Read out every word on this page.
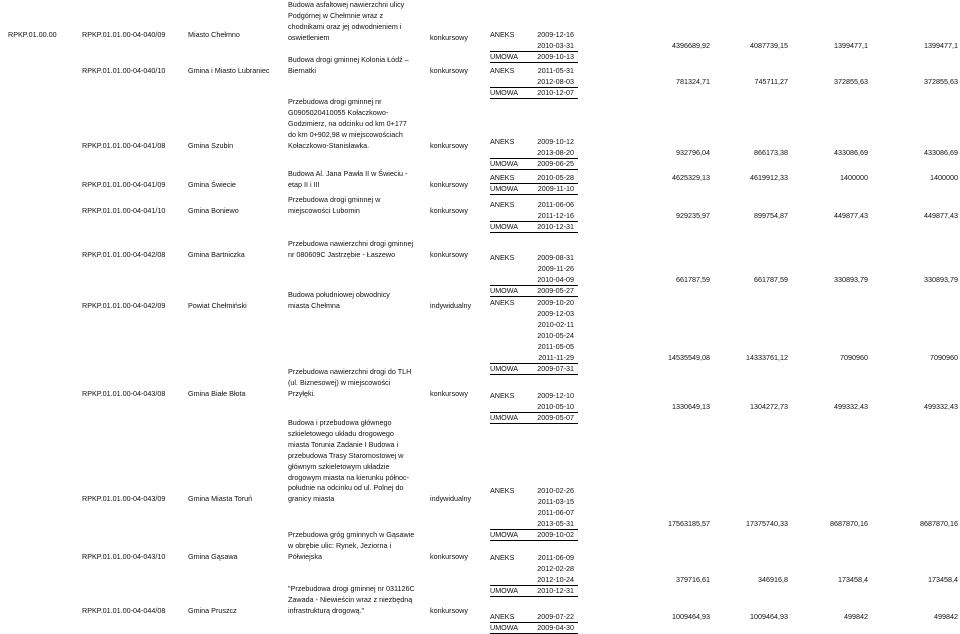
RPKP.01.00.00	RPKP.01.01.00-04-040/09	Miasto Chełmno
Budowa asfaltowej nawierzchni ulicy
Podgórnej w Chełmnie wraz z
chodnikami oraz jej odwodnieniem i
oswietleniem	konkursowy	ANEKS	2009-12-16
2010-03-31	4396689,92	4087739,15	1399477,1	1399477,1
UMOWA	2009-10-13
RPKP.01.01.00-04-040/10	Gmina i Miasto Lubraniec
Budowa drogi gminnej Kolonia Łódź –
Biernatki	konkursowy	ANEKS	2011-05-31
2012-08-03	781324,71	745711,27	372855,63	372855,63
UMOWA	2010-12-07
RPKP.01.01.00-04-041/08	Gmina Szubin
Przebudowa drogi gminnej nr
G0905020410055 Kołaczkowo-
Godzimierz, na odcinku od km 0+177
do km 0+902,98 w miejscowościach
Kołaczkowo-Stanisławka.	konkursowy	ANEKS	2009-10-12
2013-08-20	932796,04	866173,38	433086,69	433086,69
UMOWA	2009-06-25
RPKP.01.01.00-04-041/09	Gmina Świecie
Budowa Al. Jana Pawła II w Świeciu -
etap II i III	konkursowy
ANEKS	2010-05-28	4625329,13	4619912,33	1400000	1400000
UMOWA	2009-11-10
RPKP.01.01.00-04-041/10	Gmina Boniewo
Przebudowa drogi gminnej w
miejscowości Lubomin	konkursowy
ANEKS	2011-06-06
2011-12-16	929235,97	899754,87	449877,43	449877,43
UMOWA	2010-12-31
RPKP.01.01.00-04-042/08	Gmina Bartniczka
Przebudowa nawierzchni drogi gminnej
nr 080609C Jastrzębie - Łaszewo	konkursowy	ANEKS	2009-08-31
2009-11-26
2010-04-09	661787,59	661787,59	330893,79	330893,79
UMOWA	2009-05-27
RPKP.01.01.00-04-042/09	Powiat Chełmiński
Budowa południowej obwodnicy
miasta Chełmna	indywidualny	ANEKS	2009-10-20
2009-12-03
2010-02-11
2010-05-24
2011-05-05
2011-11-29	14535549,08	14333761,12	7090960	7090960
UMOWA	2009-07-31
RPKP.01.01.00-04-043/08	Gmina Białe Błota
Przebudowa nawierzchni drogi do TLH
(ul. Biznesowej) w miejscowości
Przyłęki.	konkursowy	ANEKS	2009-12-10
2010-05-10	1330649,13	1304272,73	499332,43	499332,43
UMOWA	2009-05-07
RPKP.01.01.00-04-043/09	Gmina Miasta Toruń
Budowa i przebudowa głównego
szkieletowego układu drogowego
miasta Torunia Zadanie I Budowa i
przebudowa Trasy Staromostowej w
głównym szkieletowym układzie
drogowym miasta na kierunku północ-
południe na odcinku od ul. Polnej do
granicy miasta	indywidualny
ANEKS	2010-02-26
2011-03-15
2011-06-07
2013-05-31	17563185,57	17375740,33	8687870,16	8687870,16
UMOWA	2009-10-02
RPKP.01.01.00-04-043/10	Gmina Gąsawa
Przebudowa gróg gminnych w Gąsawie
w obrębie ulic: Rynek, Jeziorna i
Półwiejska	konkursowy	ANEKS	2011-06-09
2012-02-28
2012-10-24	379716,61	346916,8	173458,4	173458,4
UMOWA	2010-12-31
RPKP.01.01.00-04-044/08	Gmina Pruszcz
"Przebudowa drogi gminnej nr 031126C
Zawada - Niewieścin wraz z niezbędną
infrastrukturą drogową."	konkursowy
ANEKS	2009-07-22	1009464,93	1009464,93	499842	499842
UMOWA	2009-04-30
